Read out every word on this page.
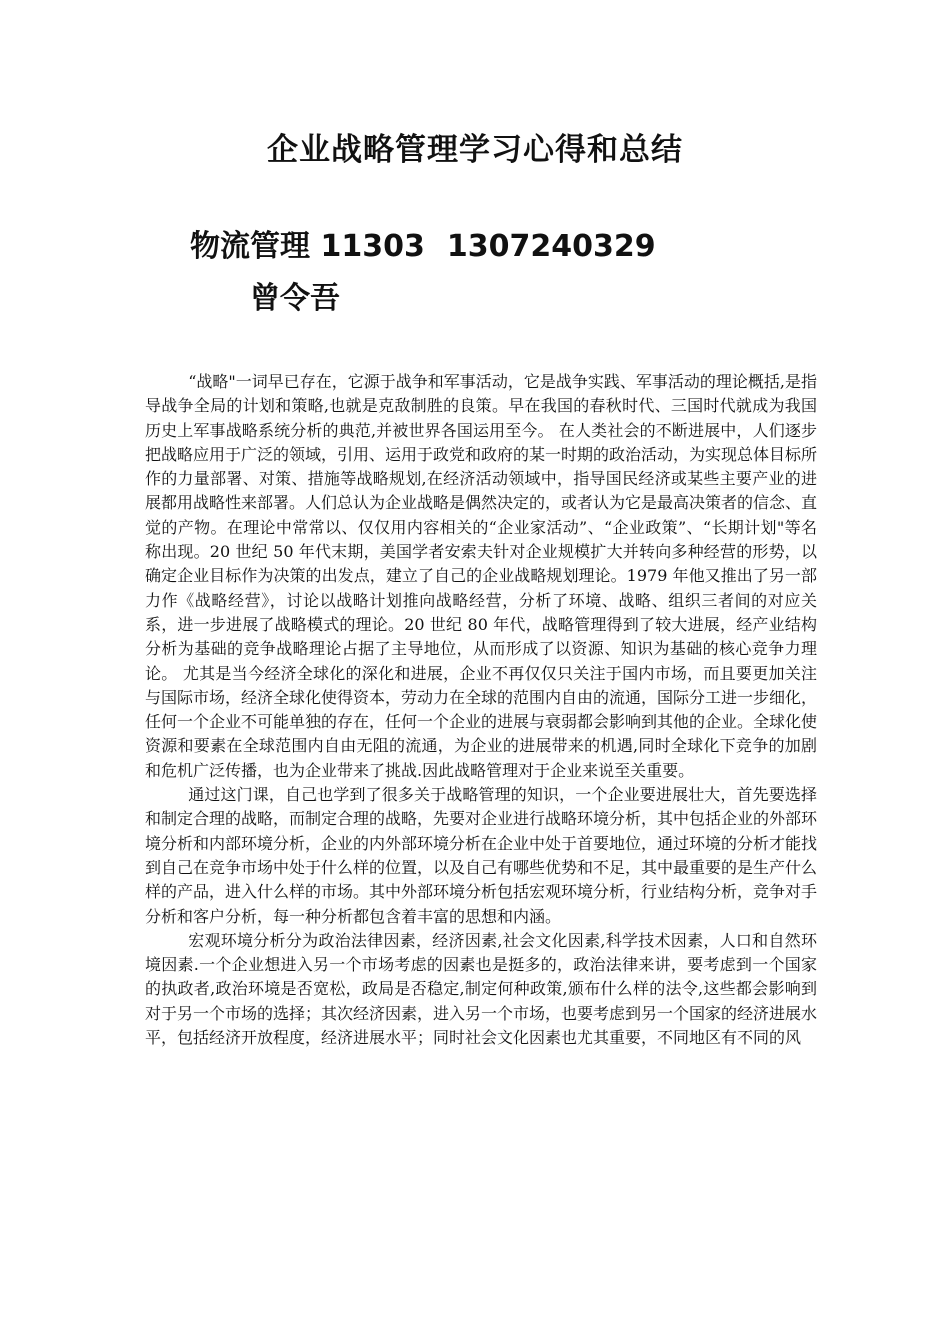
企业战略管理学习心得和总结
物流管理 11303 1307240329
曾令吾

“战略"一词早已存在，它源于战争和军事活动，它是战争实践、军事活动的理论概括,是指导战争全局的计划和策略,也就是克敌制胜的良策。早在我国的春秋时代、三国时代就成为我国历史上军事战略系统分析的典范,并被世界各国运用至今。 在人类社会的不断进展中，人们逐步把战略应用于广泛的领域，引用、运用于政党和政府的某一时期的政治活动，为实现总体目标所作的力量部署、对策、措施等战略规划,在经济活动领域中，指导国民经济或某些主要产业的进展都用战略性来部署。人们总认为企业战略是偶然决定的，或者认为它是最高决策者的信念、直觉的产物。在理论中常常以、仅仅用内容相关的“企业家活动”、“企业政策”、“长期计划"等名称出现。20 世纪 50 年代末期，美国学者安索夫针对企业规模扩大并转向多种经营的形势，以确定企业目标作为决策的出发点，建立了自己的企业战略规划理论。1979 年他又推出了另一部力作《战略经营》，讨论以战略计划推向战略经营，分析了环境、战略、组织三者间的对应关系，进一步进展了战略模式的理论。20 世纪 80 年代，战略管理得到了较大进展，经产业结构分析为基础的竞争战略理论占据了主导地位，从而形成了以资源、知识为基础的核心竞争力理论。 尤其是当今经济全球化的深化和进展，企业不再仅仅只关注于国内市场，而且要更加关注与国际市场，经济全球化使得资本，劳动力在全球的范围内自由的流通，国际分工进一步细化，任何一个企业不可能单独的存在，任何一个企业的进展与衰弱都会影响到其他的企业。全球化使资源和要素在全球范围内自由无阻的流通，为企业的进展带来的机遇,同时全球化下竞争的加剧和危机广泛传播，也为企业带来了挑战.因此战略管理对于企业来说至关重要。

通过这门课，自己也学到了很多关于战略管理的知识，一个企业要进展壮大，首先要选择和制定合理的战略，而制定合理的战略，先要对企业进行战略环境分析，其中包括企业的外部环境分析和内部环境分析，企业的内外部环境分析在企业中处于首要地位，通过环境的分析才能找到自己在竞争市场中处于什么样的位置，以及自己有哪些优势和不足，其中最重要的是生产什么样的产品，进入什么样的市场。其中外部环境分析包括宏观环境分析，行业结构分析，竞争对手分析和客户分析，每一种分析都包含着丰富的思想和内涵。

宏观环境分析分为政治法律因素，经济因素,社会文化因素,科学技术因素，人口和自然环境因素.一个企业想进入另一个市场考虑的因素也是挺多的，政治法律来讲，要考虑到一个国家的执政者,政治环境是否宽松，政局是否稳定,制定何种政策,颁布什么样的法令,这些都会影响到对于另一个市场的选择；其次经济因素，进入另一个市场，也要考虑到另一个国家的经济进展水平，包括经济开放程度，经济进展水平；同时社会文化因素也尤其重要，不同地区有不同的风
